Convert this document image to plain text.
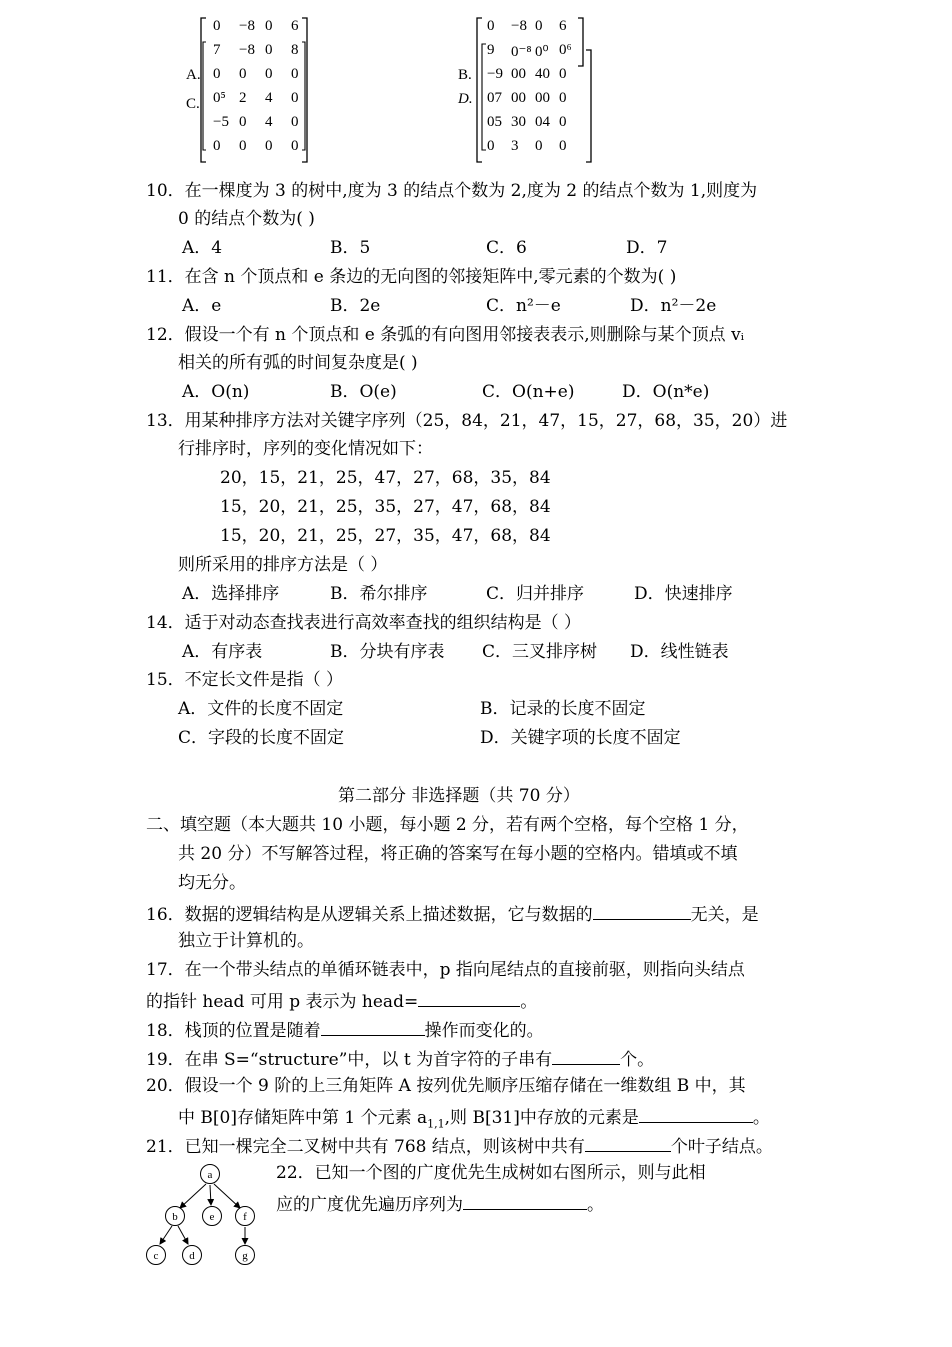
A.
C.
0 −8 0 6
7 −8 0 8
0 0 0 0
0⁵ 2 4 0
−5 0 4 0
0 0 0 0
B.
D.
0 −8 0 6
9 0⁻⁸ 0⁰ 0⁶
−9 00 40 0
07 00 00 0
05 30 04 0
0 3 0 0
10．在一棵度为 3 的树中,度为 3 的结点个数为 2,度为 2 的结点个数为 1,则度为
0 的结点个数为( )
A．4	B．5	C．6	D．7
11．在含 n 个顶点和 e 条边的无向图的邻接矩阵中,零元素的个数为( )
A．e	B．2e	C．n²－e	D．n²－2e
12．假设一个有 n 个顶点和 e 条弧的有向图用邻接表表示,则删除与某个顶点 vᵢ
相关的所有弧的时间复杂度是( )
A．O(n)	B．O(e)	C．O(n+e)	D．O(n*e)
13．用某种排序方法对关键字序列（25，84，21，47，15，27，68，35，20）进
行排序时，序列的变化情况如下：
20，15，21，25，47，27，68，35，84
15，20，21，25，35，27，47，68，84
15，20，21，25，27，35，47，68，84
则所采用的排序方法是（ ）
A．选择排序	B．希尔排序	C．归并排序	D．快速排序
14．适于对动态查找表进行高效率查找的组织结构是（ ）
A．有序表	B．分块有序表 C．三叉排序树 D．线性链表
15．不定长文件是指（ ）
A．文件的长度不固定	B．记录的长度不固定
C．字段的长度不固定	D．关键字项的长度不固定
第二部分 非选择题（共 70 分）
二、填空题（本大题共 10 小题，每小题 2 分，若有两个空格，每个空格 1 分，
共 20 分）不写解答过程，将正确的答案写在每小题的空格内。错填或不填
均无分。
16．数据的逻辑结构是从逻辑关系上描述数据，它与数据的	无关，是
独立于计算机的。
17．在一个带头结点的单循环链表中，p 指向尾结点的直接前驱，则指向头结点
的指针 head 可用 p 表示为 head=	。
18．栈顶的位置是随着	操作而变化的。
19．在串 S=“structure”中，以 t 为首字符的子串有	个。
20．假设一个 9 阶的上三角矩阵 A 按列优先顺序压缩存储在一维数组 B 中，其
中 B[0]存储矩阵中第 1 个元素 $a_{1,1}$,则 B[31]中存放的元素是	。
21．已知一棵完全二叉树中共有 768 结点，则该树中共有	个叶子结点。
22．已知一个图的广度优先生成树如右图所示，则与此相
应的广度优先遍历序列为	。
a
b	e	f
c	d	g
